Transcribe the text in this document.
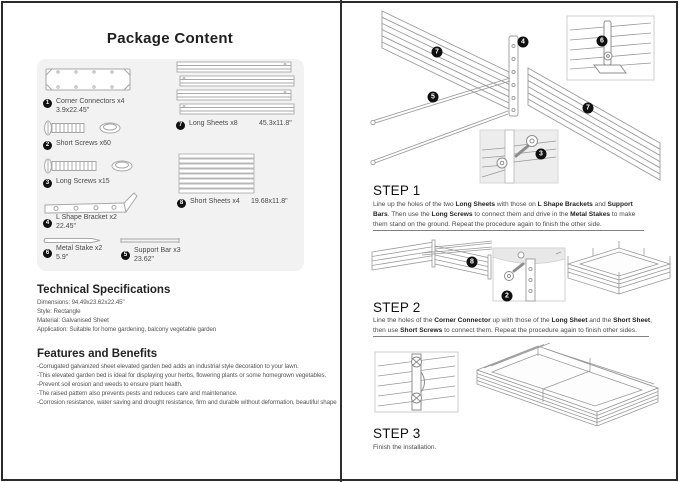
Package Content
1 Corner Connectors x4
3.9x22.45"
2 Short Screws x60
3 Long Screws x15
4
L Shape Bracket x2
22.45"
6
Metal Stake x2
5.9"	5
Support Bar x3
23.62"
7 Long Sheets x8	45.3x11.8"
8 Short Sheets x4 19.68x11.8"
Technical Specifications
Dimensions: 94.49x23.62x22.45"
Style: Rectangle
Material: Galvanised Sheet
Application: Suitable for home gardening, balcony vegetable garden
Features and Benefits
-Corrugated galvanized sheet elevated garden bed adds an industrial style decoration to your lawn.
-This elevated garden bed is ideal for displaying your herbs, flowering plants or some homegrown vegetables.
-Prevent soil erosion and weeds to ensure plant health.
-The raised pattern also prevents pests and reduces care and maintenance.
-Corrosion resistance, water saving and drought resistance, firm and durable without deformation, beautiful shape
7
4	6
5
7
3
STEP 1
Line up the holes of the two Long Sheets with those on L Shape Brackets and Support Bars. Then use the Long Screws to connect them and drive in the Metal Stakes to make them stand on the ground. Repeat the procedure again to finish the other side.
8
2
STEP 2
Line the holes of the Corner Connector up with those of the Long Sheet and the Short Sheet, then use Short Screws to connect them. Repeat the procedure again to finish other sides.
STEP 3
Finish the installation.
